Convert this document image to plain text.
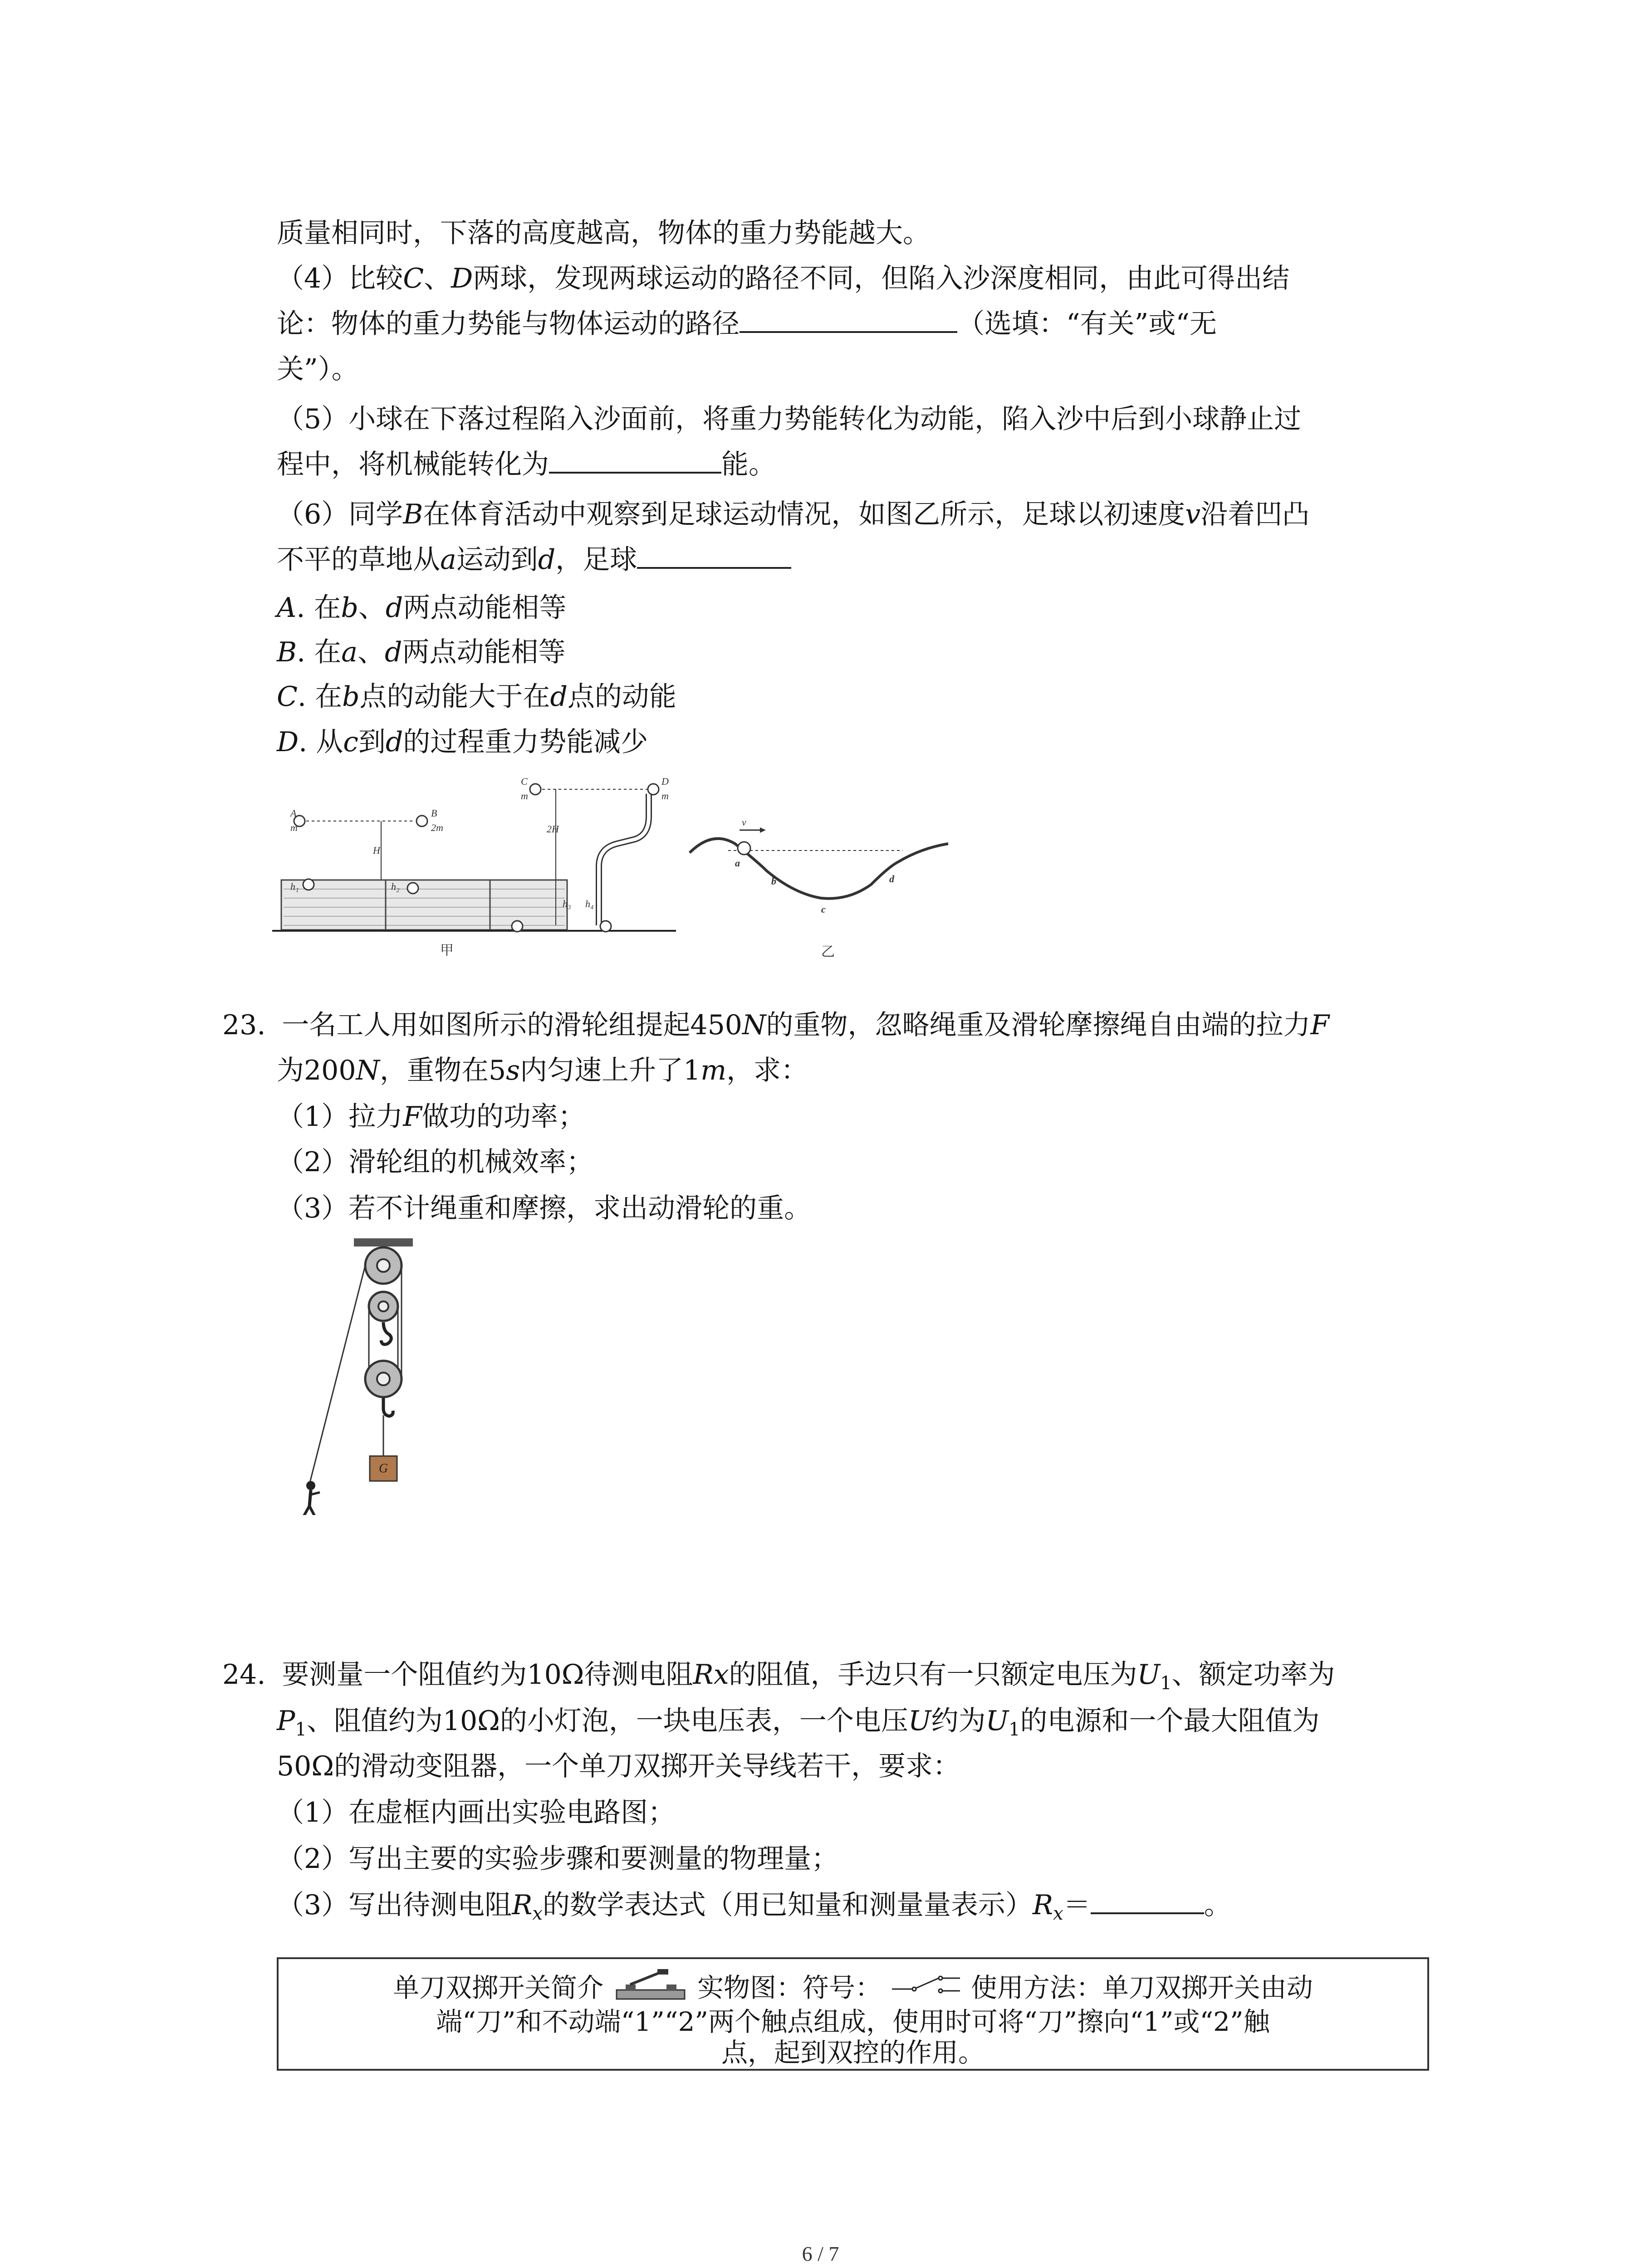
质量相同时，下落的高度越高，物体的重力势能越大。
（4）比较C、D两球，发现两球运动的路径不同，但陷入沙深度相同，由此可得出结
论：物体的重力势能与物体运动的路径	（选填：“有关”或“无
关”）。
（5）小球在下落过程陷入沙面前，将重力势能转化为动能，陷入沙中后到小球静止过
程中，将机械能转化为	能。
（6）同学B在体育活动中观察到足球运动情况，如图乙所示，足球以初速度v沿着凹凸
不平的草地从a运动到d，足球
A. 在b、d两点动能相等
B. 在a、d两点动能相等
C. 在b点的动能大于在d点的动能
D. 从c到d的过程重力势能减少
A
m
B
2m
H
h₁	h₂
C
m
2H
D
m
h₃ h₄
甲
v
a
b
c
d
乙
23. 一名工人用如图所示的滑轮组提起450N的重物，忽略绳重及滑轮摩擦绳自由端的拉力F
为200N，重物在5s内匀速上升了1m，求：
（1）拉力F做功的功率；
（2）滑轮组的机械效率；
（3）若不计绳重和摩擦，求出动滑轮的重。
G
24. 要测量一个阻值约为10Ω待测电阻Rx的阻值，手边只有一只额定电压为$U_1$、额定功率为
$P_1$、阻值约为10Ω的小灯泡，一块电压表，一个电压U约为$U_1$的电源和一个最大阻值为
50Ω的滑动变阻器，一个单刀双掷开关导线若干，要求：
（1）在虚框内画出实验电路图；
（2）写出主要的实验步骤和要测量的物理量；
（3）写出待测电阻$R_x$的数学表达式（用已知量和测量量表示）$R_x=$	。
单刀双掷开关简介	实物图：符号：	使用方法：单刀双掷开关由动
端“刀”和不动端“1”“2”两个触点组成，使用时可将“刀”擦向“1”或“2”触
点，起到双控的作用。
6 / 7
